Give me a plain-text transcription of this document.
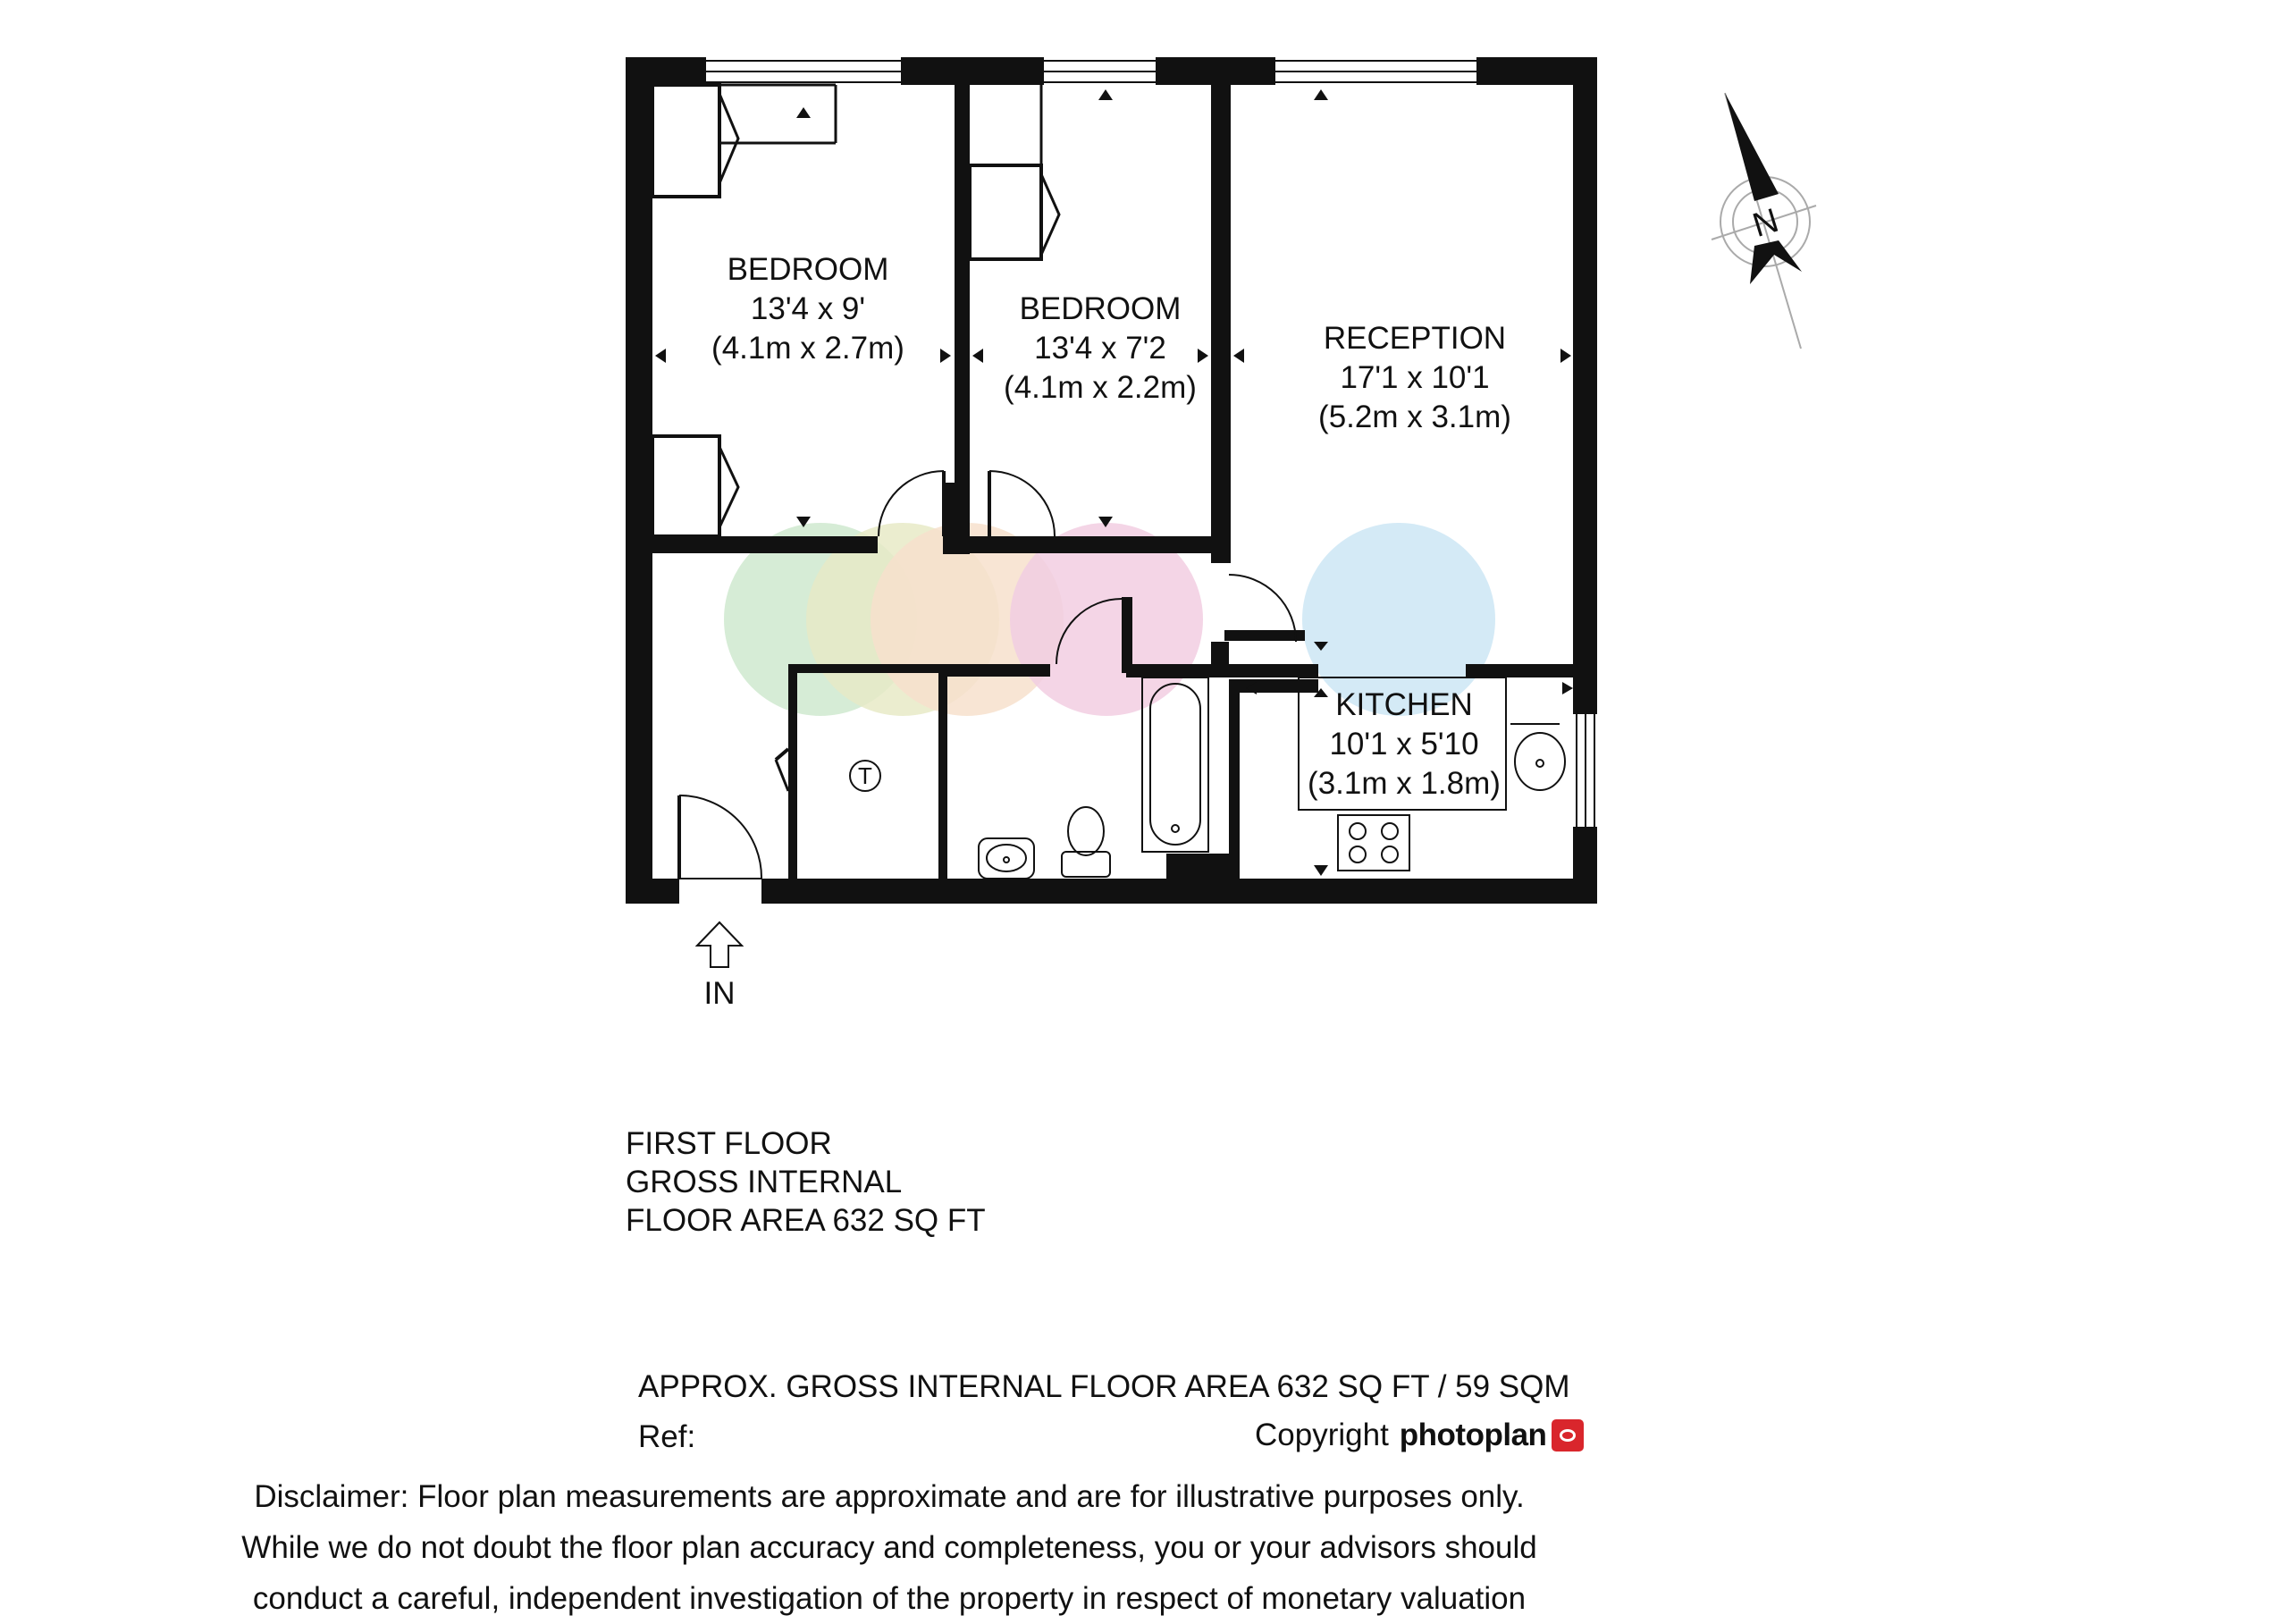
T
BEDROOM
13'4 x 9'
(4.1m x 2.7m)
BEDROOM
13'4 x 7'2
(4.1m x 2.2m)
RECEPTION
17'1 x 10'1
(5.2m x 3.1m)
KITCHEN
10'1 x 5'10
(3.1m x 1.8m)
IN
N
FIRST FLOOR
GROSS INTERNAL
FLOOR AREA 632 SQ FT
APPROX. GROSS INTERNAL FLOOR AREA 632 SQ FT / 59 SQM
Ref:	Copyright photoplan
Disclaimer: Floor plan measurements are approximate and are for illustrative purposes only.
While we do not doubt the floor plan accuracy and completeness, you or your advisors should
conduct a careful, independent investigation of the property in respect of monetary valuation
